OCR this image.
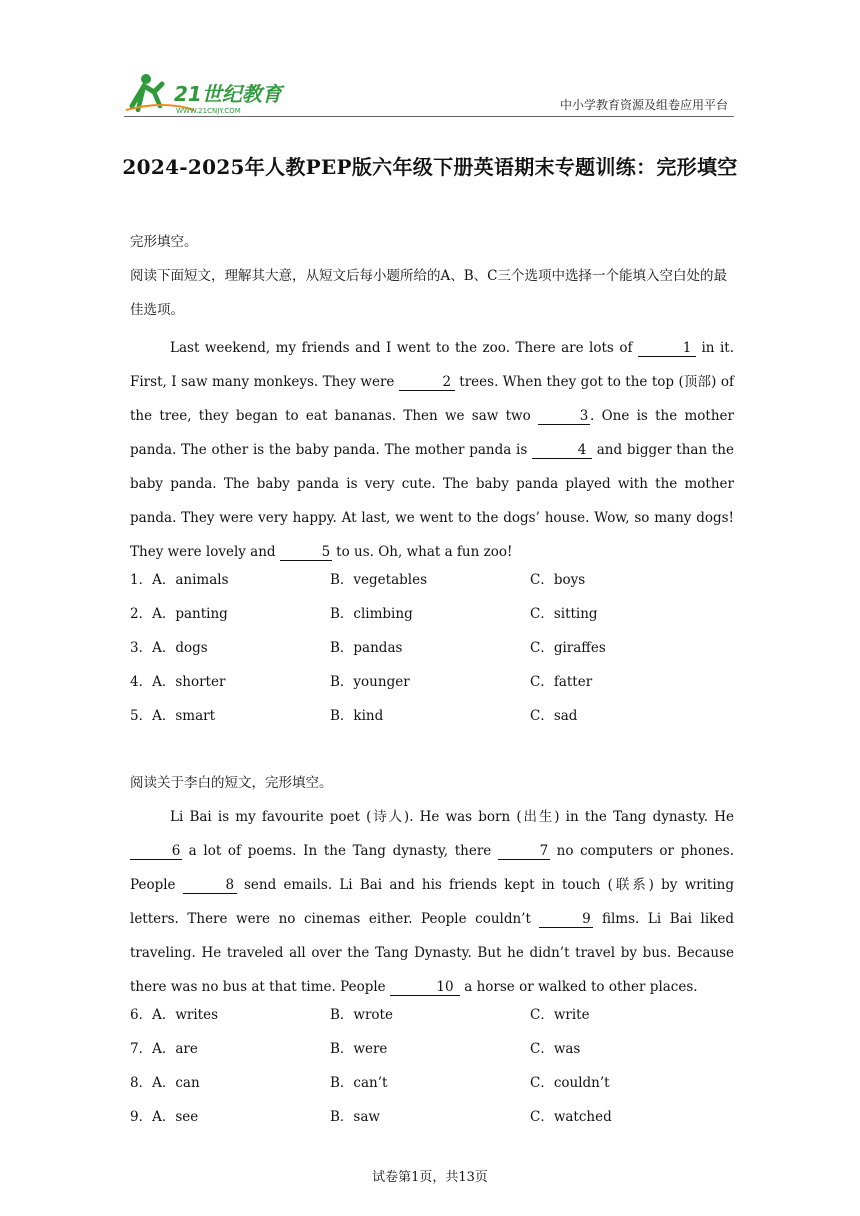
21世纪教育
WWW.21CNJY.COM	中小学教育资源及组卷应用平台
2024-2025年人教PEP版六年级下册英语期末专题训练：完形填空
完形填空。
阅读下面短文，理解其大意，从短文后每小题所给的A、B、C三个选项中选择一个能填入空白处的最佳选项。
Last weekend, my friends and I went to the zoo. There are lots of	1 in it. First, I saw many monkeys. They were	2 trees. When they got to the top (顶部) of the tree, they began to eat bananas. Then we saw two	3 . One is the mother panda. The other is the baby panda. The mother panda is	4 and bigger than the baby panda. The baby panda is very cute. The baby panda played with the mother panda. They were very happy. At last, we went to the dogs’ house. Wow, so many dogs! They were lovely and	5 to us. Oh, what a fun zoo!
1．A．animals	B．vegetables	C．boys
2．A．panting	B．climbing	C．sitting
3．A．dogs	B．pandas	C．giraffes
4．A．shorter	B．younger	C．fatter
5．A．smart	B．kind	C．sad
阅读关于李白的短文，完形填空。
Li Bai is my favourite poet (诗人). He was born (出生) in the Tang dynasty. He 6 a lot of poems. In the Tang dynasty, there	7 no computers or phones. People	8 send emails. Li Bai and his friends kept in touch (联系) by writing letters. There were no cinemas either. People couldn’t	9 films. Li Bai liked traveling. He traveled all over the Tang Dynasty. But he didn’t travel by bus. Because there was no bus at that time. People	10 a horse or walked to other places.
6．A．writes	B．wrote	C．write
7．A．are	B．were	C．was
8．A．can	B．can’t	C．couldn’t
9．A．see	B．saw	C．watched
试卷第1页，共13页
